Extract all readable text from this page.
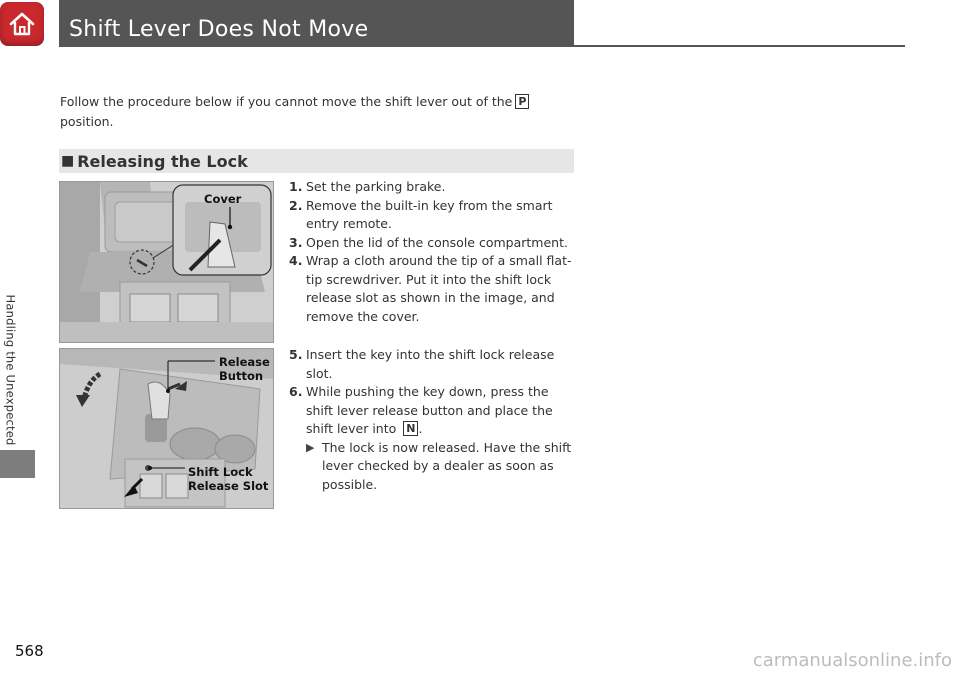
Handling the Unexpected
Shift Lever Does Not Move
Follow the procedure below if you cannot move the shift lever out of the P
position.
■ Releasing the Lock
Cover
Release
Button
Shift Lock
Release Slot
1. Set the parking brake.
2. Remove the built-in key from the smart entry remote.
3. Open the lid of the console compartment.
4. Wrap a cloth around the tip of a small flat-tip screwdriver. Put it into the shift lock release slot as shown in the image, and remove the cover.
5. Insert the key into the shift lock release slot.
6. While pushing the key down, press the shift lever release button and place the shift lever into N .
▶ The lock is now released. Have the shift lever checked by a dealer as soon as possible.
568	carmanualsonline.info
